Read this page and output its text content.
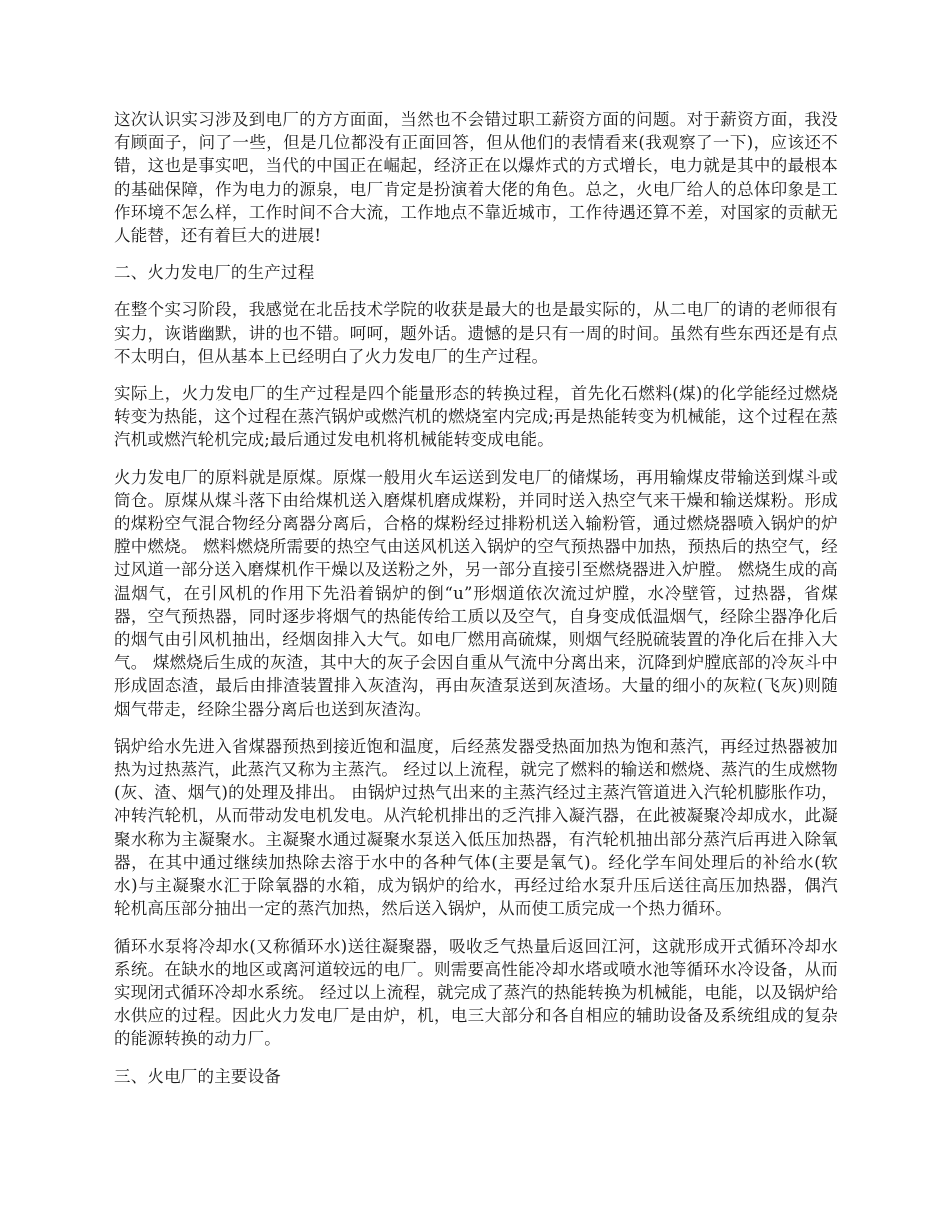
这次认识实习涉及到电厂的方方面面，当然也不会错过职工薪资方面的问题。对于薪资方面，我没有顾面子，问了一些，但是几位都没有正面回答，但从他们的表情看来(我观察了一下)，应该还不错，这也是事实吧，当代的中国正在崛起，经济正在以爆炸式的方式增长，电力就是其中的最根本的基础保障，作为电力的源泉，电厂肯定是扮演着大佬的角色。总之，火电厂给人的总体印象是工作环境不怎么样，工作时间不合大流，工作地点不靠近城市，工作待遇还算不差，对国家的贡献无人能替，还有着巨大的进展!

二、火力发电厂的生产过程

在整个实习阶段，我感觉在北岳技术学院的收获是最大的也是最实际的，从二电厂的请的老师很有实力，诙谐幽默，讲的也不错。呵呵，题外话。遗憾的是只有一周的时间。虽然有些东西还是有点不太明白，但从基本上已经明白了火力发电厂的生产过程。

实际上，火力发电厂的生产过程是四个能量形态的转换过程，首先化石燃料(煤)的化学能经过燃烧转变为热能，这个过程在蒸汽锅炉或燃汽机的燃烧室内完成;再是热能转变为机械能，这个过程在蒸汽机或燃汽轮机完成;最后通过发电机将机械能转变成电能。

火力发电厂的原料就是原煤。原煤一般用火车运送到发电厂的储煤场，再用输煤皮带输送到煤斗或筒仓。原煤从煤斗落下由给煤机送入磨煤机磨成煤粉，并同时送入热空气来干燥和输送煤粉。形成的煤粉空气混合物经分离器分离后，合格的煤粉经过排粉机送入输粉管，通过燃烧器喷入锅炉的炉膛中燃烧。 燃料燃烧所需要的热空气由送风机送入锅炉的空气预热器中加热，预热后的热空气，经过风道一部分送入磨煤机作干燥以及送粉之外，另一部分直接引至燃烧器进入炉膛。 燃烧生成的高温烟气，在引风机的作用下先沿着锅炉的倒“u”形烟道依次流过炉膛，水冷壁管，过热器，省煤器，空气预热器，同时逐步将烟气的热能传给工质以及空气，自身变成低温烟气，经除尘器净化后的烟气由引风机抽出，经烟囱排入大气。如电厂燃用高硫煤，则烟气经脱硫装置的净化后在排入大气。 煤燃烧后生成的灰渣，其中大的灰子会因自重从气流中分离出来，沉降到炉膛底部的冷灰斗中形成固态渣，最后由排渣装置排入灰渣沟，再由灰渣泵送到灰渣场。大量的细小的灰粒(飞灰)则随烟气带走，经除尘器分离后也送到灰渣沟。

锅炉给水先进入省煤器预热到接近饱和温度，后经蒸发器受热面加热为饱和蒸汽，再经过热器被加热为过热蒸汽，此蒸汽又称为主蒸汽。 经过以上流程，就完了燃料的输送和燃烧、蒸汽的生成燃物(灰、渣、烟气)的处理及排出。 由锅炉过热气出来的主蒸汽经过主蒸汽管道进入汽轮机膨胀作功，冲转汽轮机，从而带动发电机发电。从汽轮机排出的乏汽排入凝汽器，在此被凝聚冷却成水，此凝聚水称为主凝聚水。主凝聚水通过凝聚水泵送入低压加热器，有汽轮机抽出部分蒸汽后再进入除氧器，在其中通过继续加热除去溶于水中的各种气体(主要是氧气)。经化学车间处理后的补给水(软水)与主凝聚水汇于除氧器的水箱，成为锅炉的给水，再经过给水泵升压后送往高压加热器，偶汽轮机高压部分抽出一定的蒸汽加热，然后送入锅炉，从而使工质完成一个热力循环。

循环水泵将冷却水(又称循环水)送往凝聚器，吸收乏气热量后返回江河，这就形成开式循环冷却水系统。在缺水的地区或离河道较远的电厂。则需要高性能冷却水塔或喷水池等循环水冷设备，从而实现闭式循环冷却水系统。 经过以上流程，就完成了蒸汽的热能转换为机械能，电能，以及锅炉给水供应的过程。因此火力发电厂是由炉，机，电三大部分和各自相应的辅助设备及系统组成的复杂的能源转换的动力厂。

三、火电厂的主要设备
